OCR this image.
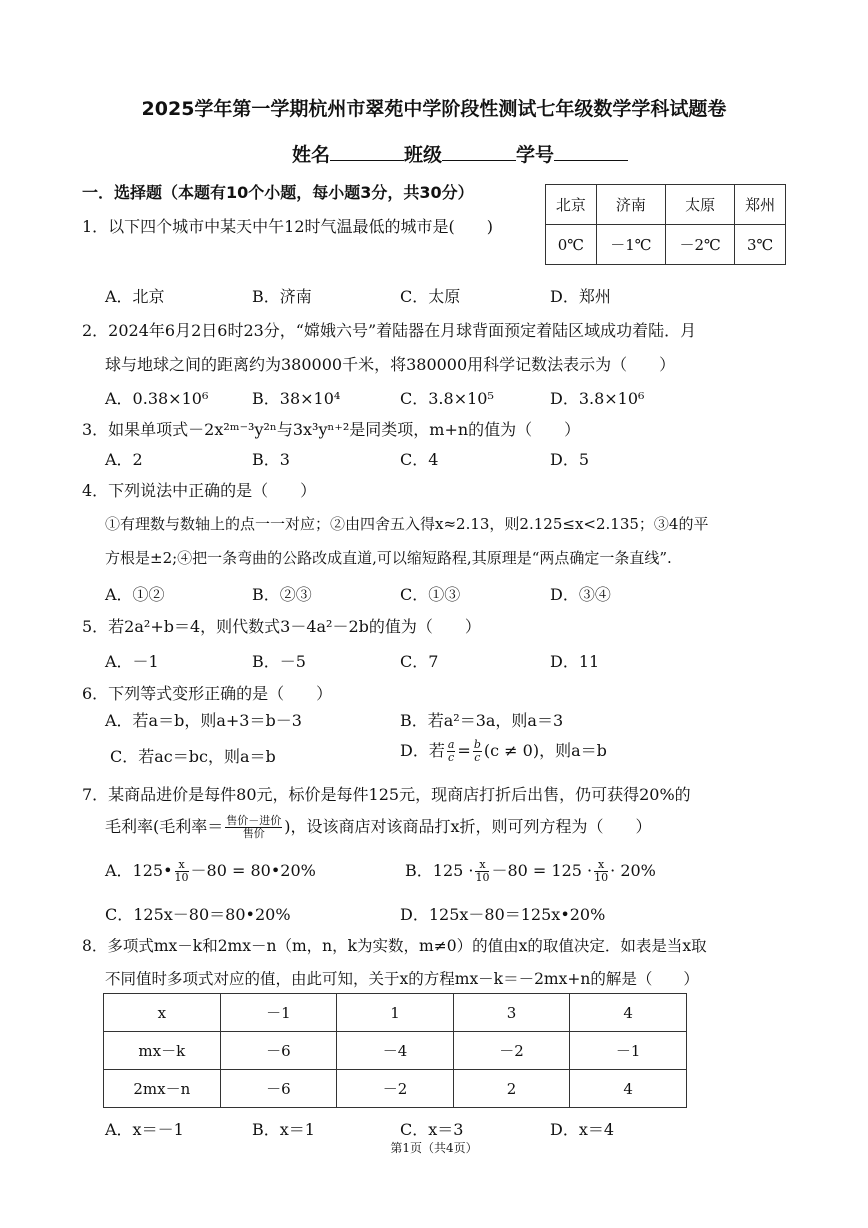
2025学年第一学期杭州市翠苑中学阶段性测试七年级数学学科试题卷
姓名	班级	学号
一．选择题（本题有10个小题，每小题3分，共30分）
北京	济南	太原	郑州
0℃	－1℃	－2℃	3℃
1．以下四个城市中某天中午12时气温最低的城市是(　　)
A．北京	B．济南	C．太原	D．郑州
2．2024年6月2日6时23分，“嫦娥六号”着陆器在月球背面预定着陆区域成功着陆．月
球与地球之间的距离约为380000千米，将380000用科学记数法表示为（　　）
A．0.38×10⁶	B．38×10⁴	C．3.8×10⁵	D．3.8×10⁶
3．如果单项式－2x²ᵐ⁻³y²ⁿ与3x³yⁿ⁺²是同类项，m+n的值为（　　）
A．2	B．3	C．4	D．5
4．下列说法中正确的是（　　）
①有理数与数轴上的点一一对应；②由四舍五入得x≈2.13，则2.125≤x<2.135；③4的平
方根是±2;④把一条弯曲的公路改成直道,可以缩短路程,其原理是“两点确定一条直线”.
A．①②	B．②③	C．①③	D．③④
5．若2a²+b＝4，则代数式3－4a²－2b的值为（　　）
A．－1	B．－5	C．7	D．11
6．下列等式变形正确的是（　　）
A．若a＝b，则a+3＝b－3	B．若a²＝3a，则a＝3
C．若ac＝bc，则a＝b	D．若 $\frac{a}{c} = \frac{b}{c} (c \ne 0)$，则a＝b
7．某商品进价是每件80元，标价是每件125元，现商店打折后出售，仍可获得20%的
毛利率(毛利率＝ $\frac{\text{售价－进价}}{\text{售价}}$ )，设该商店对该商品打x折，则可列方程为（　　）
A．125• $\frac{x}{10} -80$ = 80•20%	B．$125 \cdot \frac{x}{10} -80 = 125 \cdot \frac{x}{10} \cdot 20\%$
C．125x－80＝80•20%	D．125x－80＝125x•20%
8．多项式mx－k和2mx－n（m，n，k为实数，m≠0）的值由x的取值决定．如表是当x取
不同值时多项式对应的值，由此可知，关于x的方程mx－k＝－2mx+n的解是（　　）
x	－1	1	3	4
mx－k	－6	－4	－2	－1
2mx－n	－6	－2	2	4
A．x＝－1	B．x＝1	C．x＝3	D．x＝4
第1页（共4页）
